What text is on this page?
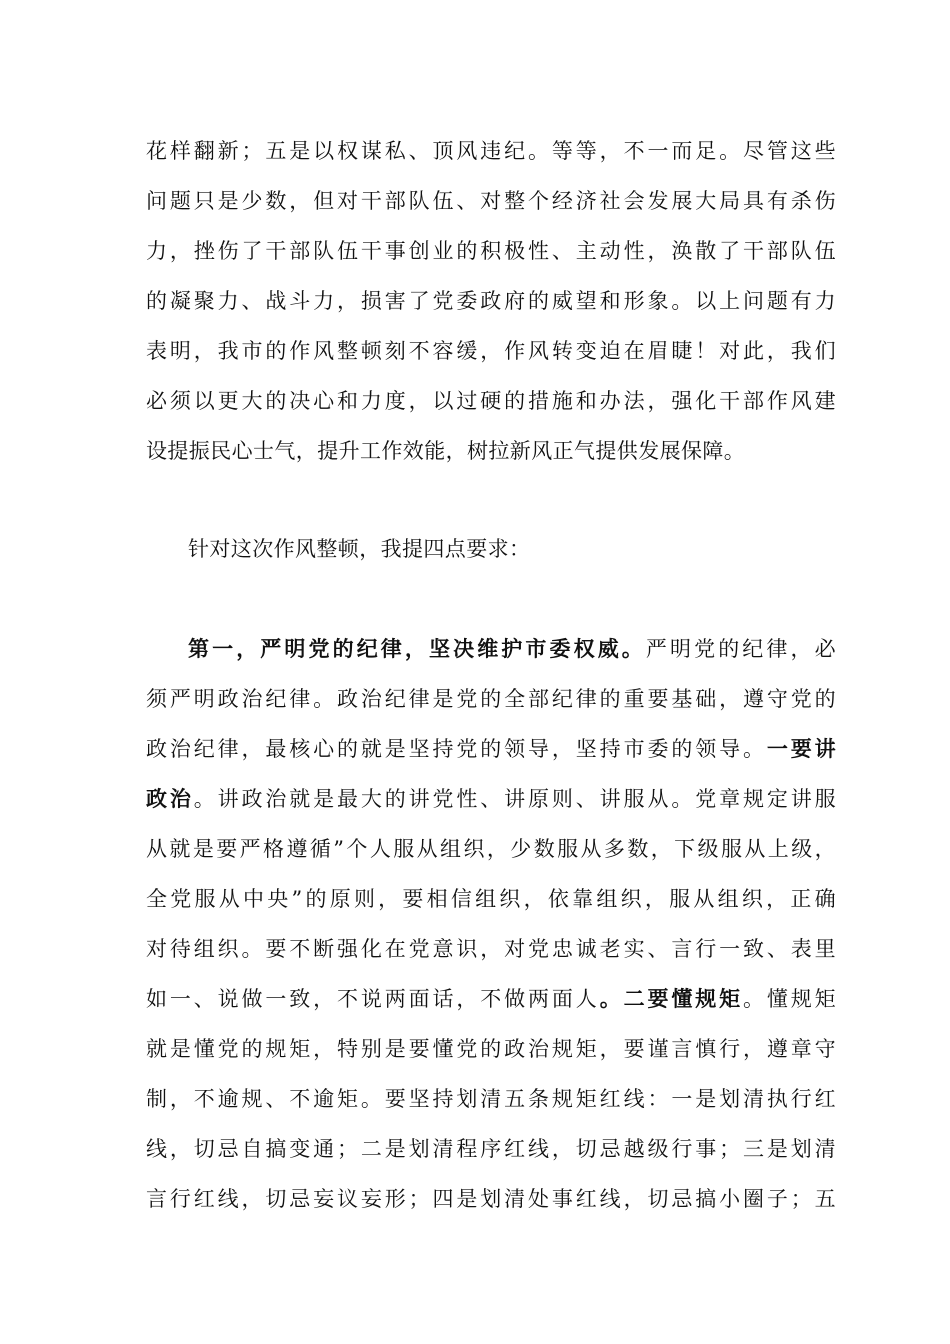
花样翻新；五是以权谋私、顶风违纪。等等，不一而足。尽管这些
问题只是少数，但对干部队伍、对整个经济社会发展大局具有杀伤
力，挫伤了干部队伍干事创业的积极性、主动性，涣散了干部队伍
的凝聚力、战斗力，损害了党委政府的威望和形象。以上问题有力
表明，我市的作风整顿刻不容缓，作风转变迫在眉睫！对此，我们
必须以更大的决心和力度，以过硬的措施和办法，强化干部作风建
设提振民心士气，提升工作效能，树拉新风正气提供发展保障。

针对这次作风整顿，我提四点要求：

第一，严明党的纪律，坚决维护市委权威。严明党的纪律，必
须严明政治纪律。政治纪律是党的全部纪律的重要基础，遵守党的
政治纪律，最核心的就是坚持党的领导，坚持市委的领导。一要讲
政治。讲政治就是最大的讲党性、讲原则、讲服从。党章规定讲服
从就是要严格遵循”个人服从组织，少数服从多数，下级服从上级，
全党服从中央”的原则，要相信组织，依靠组织，服从组织，正确
对待组织。要不断强化在党意识，对党忠诚老实、言行一致、表里
如一、说做一致，不说两面话，不做两面人。二要懂规矩。懂规矩
就是懂党的规矩，特别是要懂党的政治规矩，要谨言慎行，遵章守
制，不逾规、不逾矩。要坚持划清五条规矩红线：一是划清执行红
线，切忌自搞变通；二是划清程序红线，切忌越级行事；三是划清
言行红线，切忌妄议妄形；四是划清处事红线，切忌搞小圈子；五
